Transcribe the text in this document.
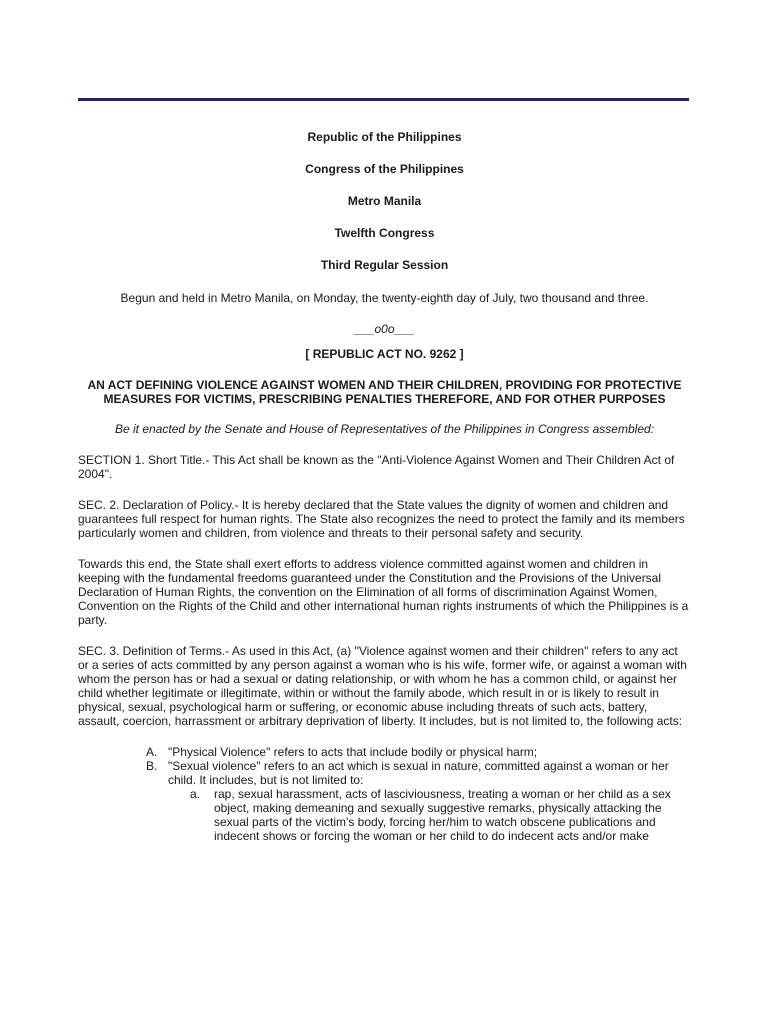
Republic of the Philippines

Congress of the Philippines

Metro Manila

Twelfth Congress

Third Regular Session

Begun and held in Metro Manila, on Monday, the twenty-eighth day of July, two thousand and three.

___o0o___

[ REPUBLIC ACT NO. 9262 ]

AN ACT DEFINING VIOLENCE AGAINST WOMEN AND THEIR CHILDREN, PROVIDING FOR PROTECTIVE MEASURES FOR VICTIMS, PRESCRIBING PENALTIES THEREFORE, AND FOR OTHER PURPOSES

Be it enacted by the Senate and House of Representatives of the Philippines in Congress assembled:

SECTION 1. Short Title.- This Act shall be known as the "Anti-Violence Against Women and Their Children Act of 2004".

SEC. 2. Declaration of Policy.- It is hereby declared that the State values the dignity of women and children and guarantees full respect for human rights. The State also recognizes the need to protect the family and its members particularly women and children, from violence and threats to their personal safety and security.

Towards this end, the State shall exert efforts to address violence committed against women and children in keeping with the fundamental freedoms guaranteed under the Constitution and the Provisions of the Universal Declaration of Human Rights, the convention on the Elimination of all forms of discrimination Against Women, Convention on the Rights of the Child and other international human rights instruments of which the Philippines is a party.

SEC. 3. Definition of Terms.- As used in this Act, (a) "Violence against women and their children" refers to any act or a series of acts committed by any person against a woman who is his wife, former wife, or against a woman with whom the person has or had a sexual or dating relationship, or with whom he has a common child, or against her child whether legitimate or illegitimate, within or without the family abode, which result in or is likely to result in physical, sexual, psychological harm or suffering, or economic abuse including threats of such acts, battery, assault, coercion, harrassment or arbitrary deprivation of liberty. It includes, but is not limited to, the following acts:

A. "Physical Violence" refers to acts that include bodily or physical harm;
B. "Sexual violence" refers to an act which is sexual in nature, committed against a woman or her child. It includes, but is not limited to:
a. rap, sexual harassment, acts of lasciviousness, treating a woman or her child as a sex object, making demeaning and sexually suggestive remarks, physically attacking the sexual parts of the victim's body, forcing her/him to watch obscene publications and indecent shows or forcing the woman or her child to do indecent acts and/or make
